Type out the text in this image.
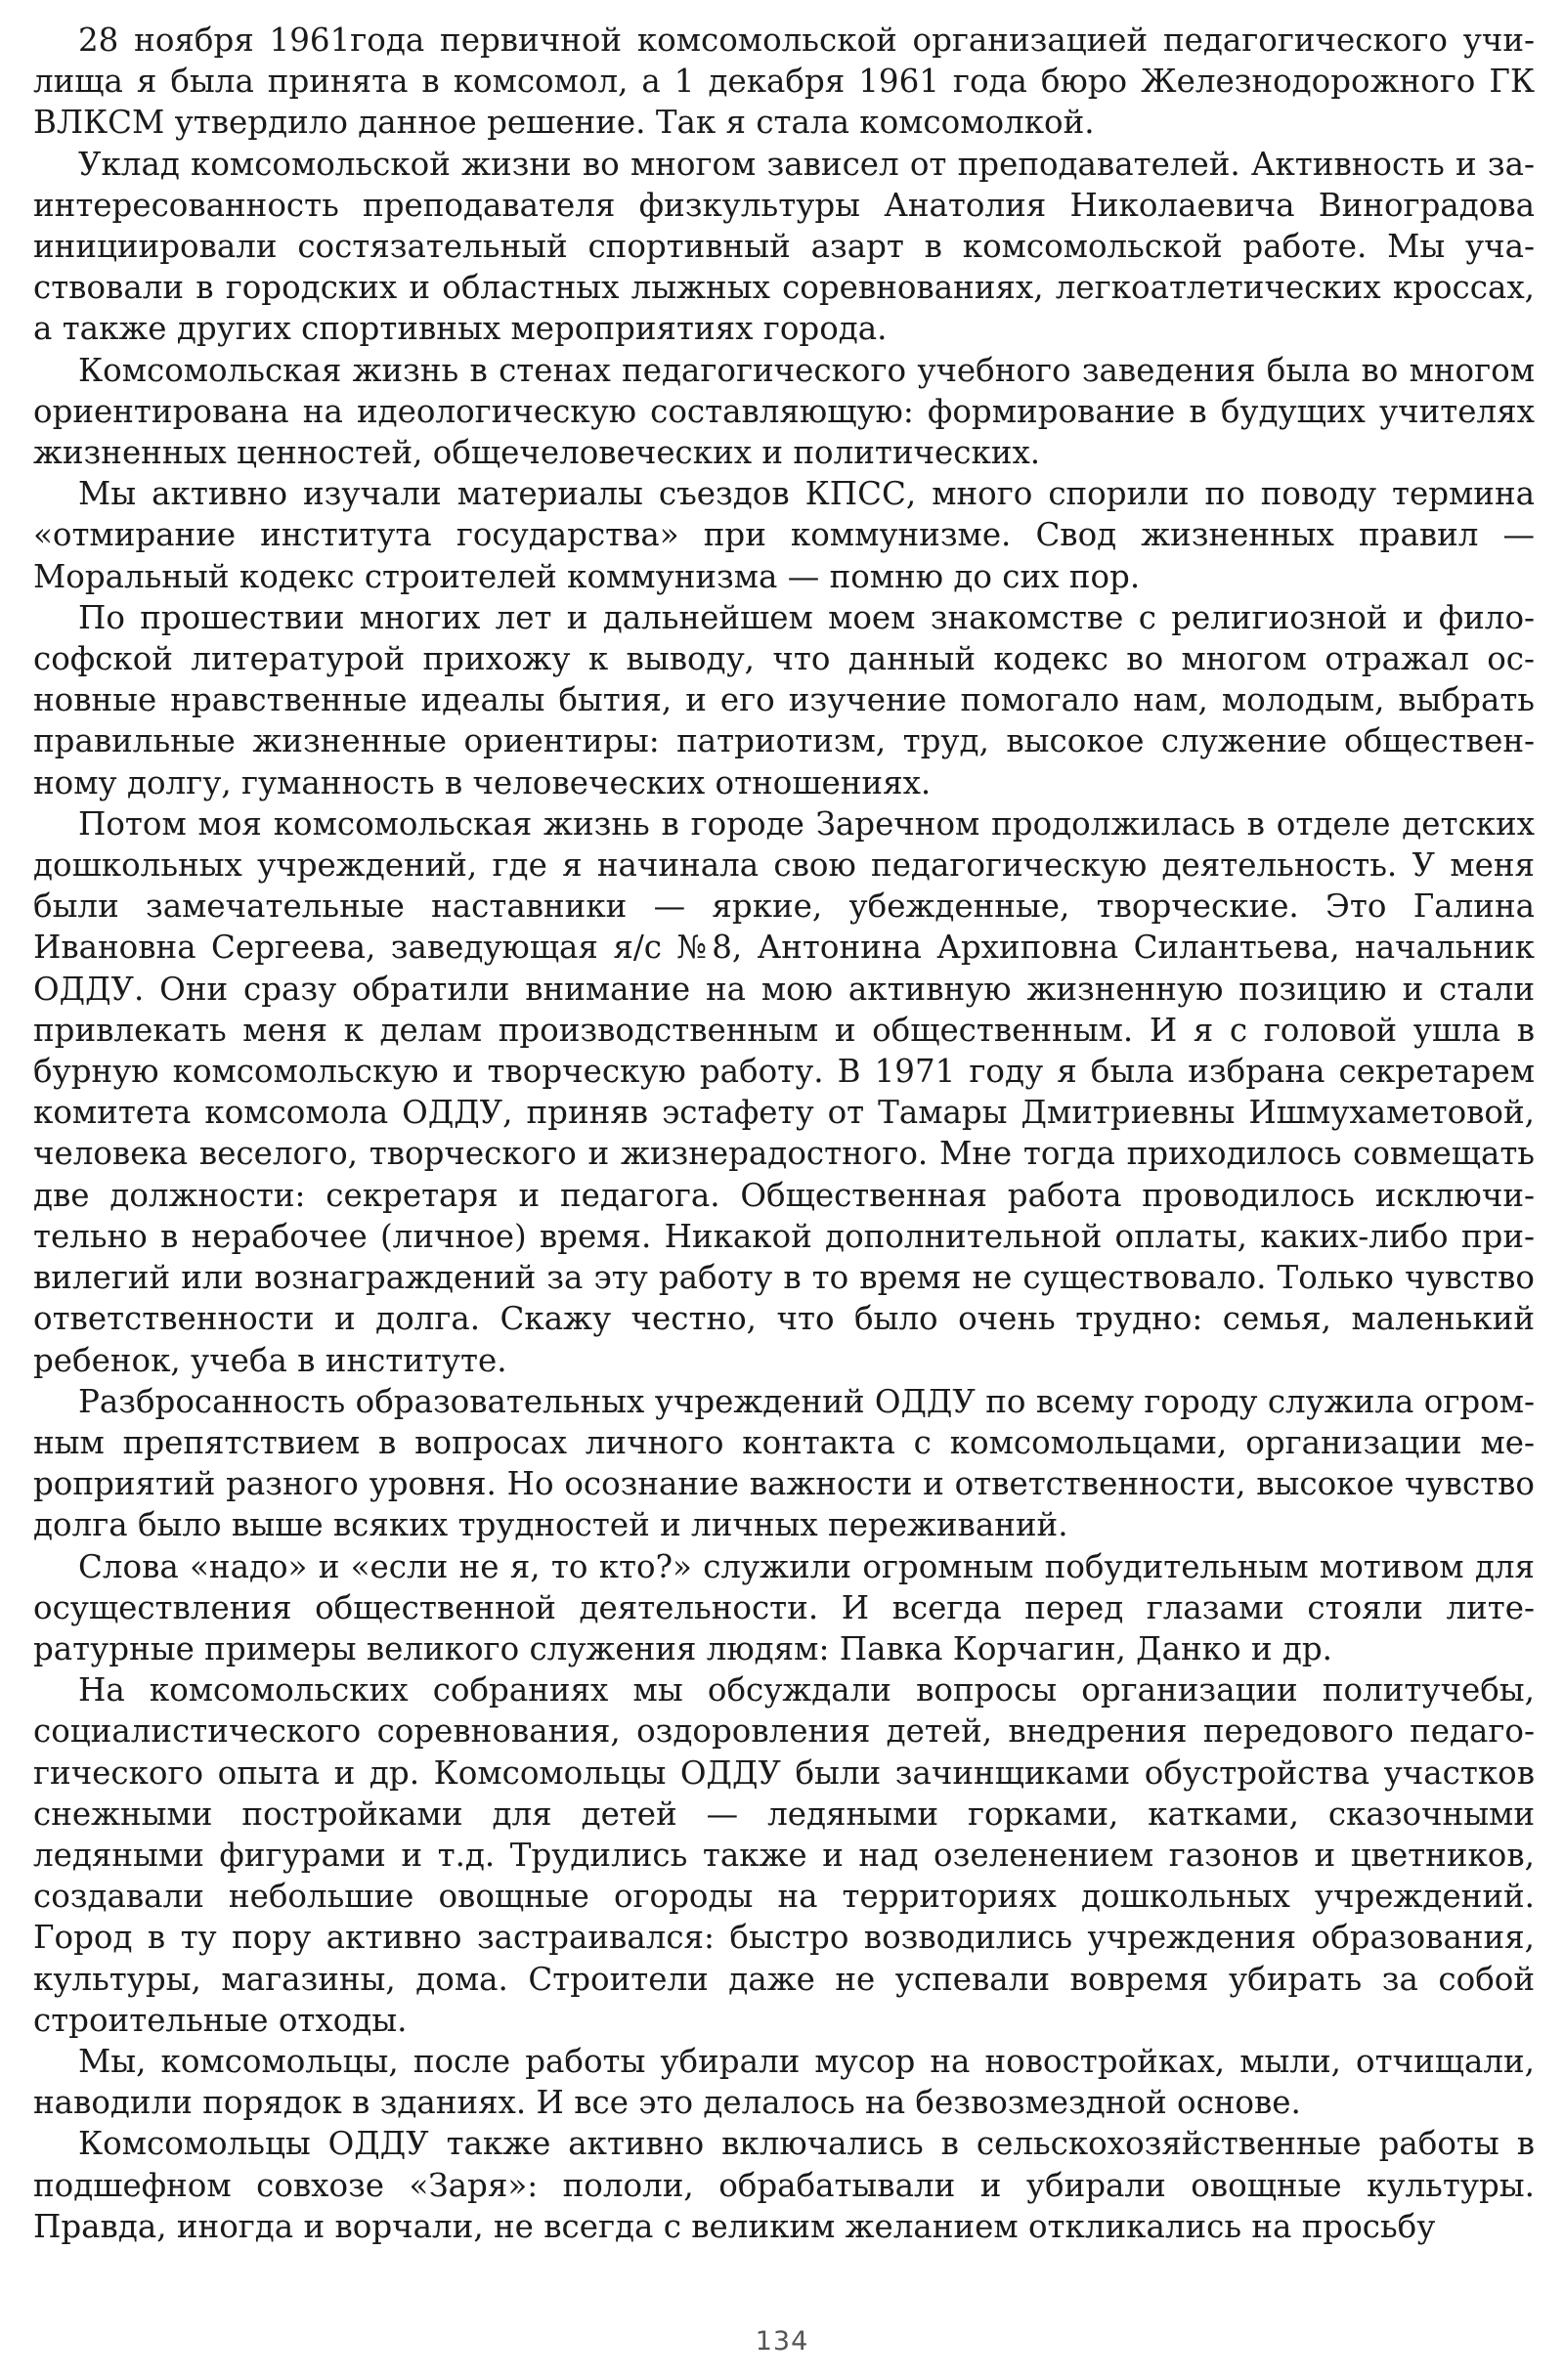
28 ноября 1961года первичной комсомольской организацией педагогического училища я была принята в комсомол, а 1 декабря 1961 года бюро Железнодорожного ГК ВЛКСМ утвердило данное решение. Так я стала комсомолкой.

Уклад комсомольской жизни во многом зависел от преподавателей. Активность и заинтересованность преподавателя физкультуры Анатолия Николаевича Виноградова инициировали состязательный спортивный азарт в комсомольской работе. Мы участвовали в городских и областных лыжных соревнованиях, легкоатлетических кроссах, а также других спортивных мероприятиях города.

Комсомольская жизнь в стенах педагогического учебного заведения была во многом ориентирована на идеологическую составляющую: формирование в будущих учителях жизненных ценностей, общечеловеческих и политических.

Мы активно изучали материалы съездов КПСС, много спорили по поводу термина «отмирание института государства» при коммунизме. Свод жизненных правил — Моральный кодекс строителей коммунизма — помню до сих пор.

По прошествии многих лет и дальнейшем моем знакомстве с религиозной и философской литературой прихожу к выводу, что данный кодекс во многом отражал основные нравственные идеалы бытия, и его изучение помогало нам, молодым, выбрать правильные жизненные ориентиры: патриотизм, труд, высокое служение общественному долгу, гуманность в человеческих отношениях.

Потом моя комсомольская жизнь в городе Заречном продолжилась в отделе детских дошкольных учреждений, где я начинала свою педагогическую деятельность. У меня были замечательные наставники — яркие, убежденные, творческие. Это Галина Ивановна Сергеева, заведующая я/с №8, Антонина Архиповна Силантьева, начальник ОДДУ. Они сразу обратили внимание на мою активную жизненную позицию и стали привлекать меня к делам производственным и общественным. И я с головой ушла в бурную комсомольскую и творческую работу. В 1971 году я была избрана секретарем комитета комсомола ОДДУ, приняв эстафету от Тамары Дмитриевны Ишмухаметовой, человека веселого, творческого и жизнерадостного. Мне тогда приходилось совмещать две должности: секретаря и педагога. Общественная работа проводилось исключительно в нерабочее (личное) время. Никакой дополнительной оплаты, каких-либо привилегий или вознаграждений за эту работу в то время не существовало. Только чувство ответственности и долга. Скажу честно, что было очень трудно: семья, маленький ребенок, учеба в институте.

Разбросанность образовательных учреждений ОДДУ по всему городу служила огромным препятствием в вопросах личного контакта с комсомольцами, организации мероприятий разного уровня. Но осознание важности и ответственности, высокое чувство долга было выше всяких трудностей и личных переживаний.

Слова «надо» и «если не я, то кто?» служили огромным побудительным мотивом для осуществления общественной деятельности. И всегда перед глазами стояли литературные примеры великого служения людям: Павка Корчагин, Данко и др.

На комсомольских собраниях мы обсуждали вопросы организации политучебы, социалистического соревнования, оздоровления детей, внедрения передового педагогического опыта и др. Комсомольцы ОДДУ были зачинщиками обустройства участков снежными постройками для детей — ледяными горками, катками, сказочными ледяными фигурами и т.д. Трудились также и над озеленением газонов и цветников, создавали небольшие овощные огороды на территориях дошкольных учреждений. Город в ту пору активно застраивался: быстро возводились учреждения образования, культуры, магазины, дома. Строители даже не успевали вовремя убирать за собой строительные отходы.

Мы, комсомольцы, после работы убирали мусор на новостройках, мыли, отчищали, наводили порядок в зданиях. И все это делалось на безвозмездной основе.

Комсомольцы ОДДУ также активно включались в сельскохозяйственные работы в подшефном совхозе «Заря»: пололи, обрабатывали и убирали овощные культуры. Правда, иногда и ворчали, не всегда с великим желанием откликались на просьбу

134
